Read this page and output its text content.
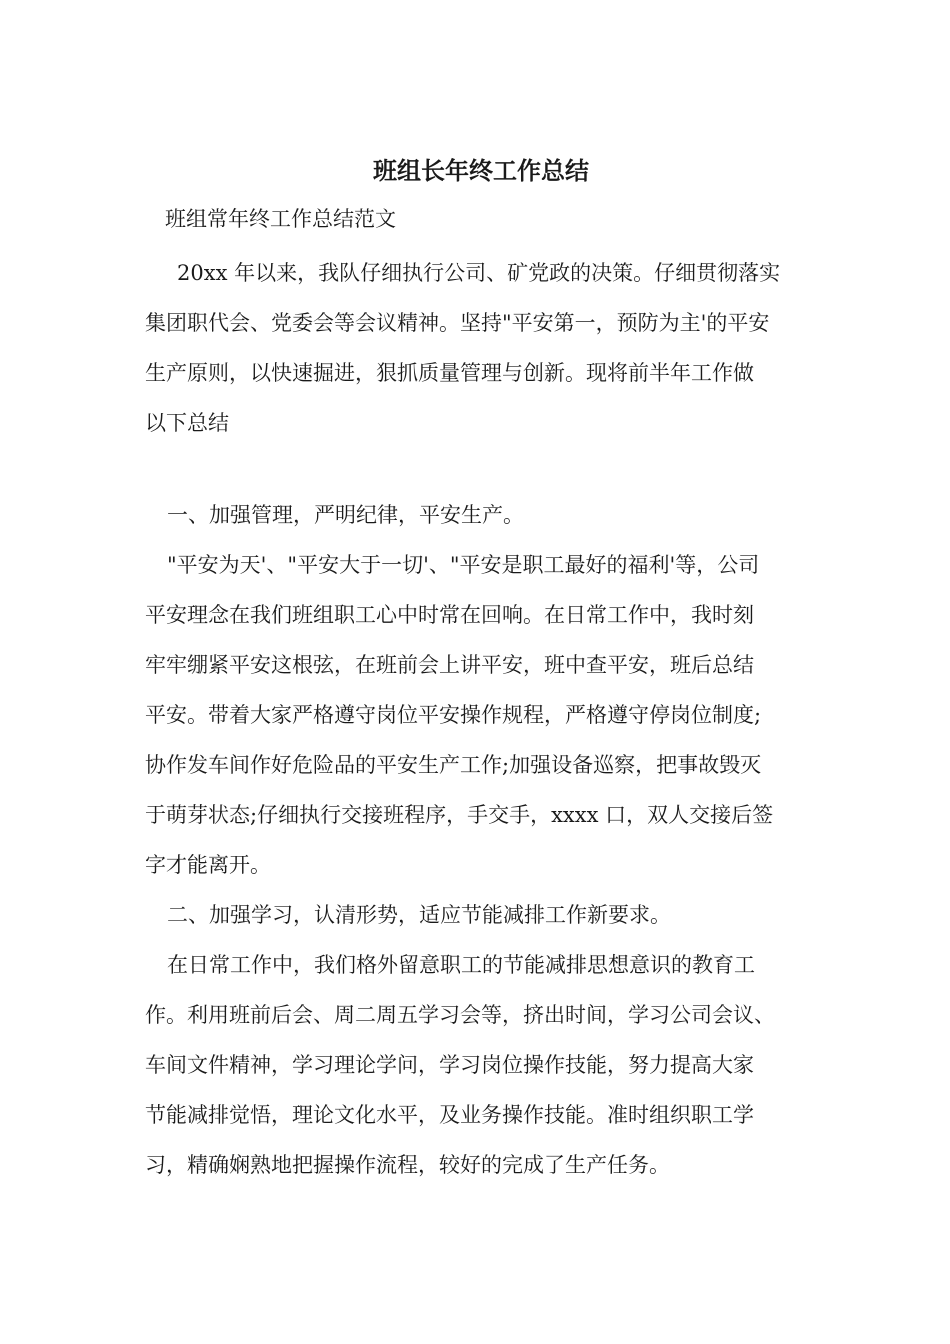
班组长年终工作总结

班组常年终工作总结范文

20xx 年以来，我队仔细执行公司、矿党政的决策。仔细贯彻落实

集团职代会、党委会等会议精神。坚持"平安第一，预防为主'的平安

生产原则，以快速掘进，狠抓质量管理与创新。现将前半年工作做

以下总结

一、加强管理，严明纪律，平安生产。

"平安为天'、"平安大于一切'、"平安是职工最好的福利'等，公司

平安理念在我们班组职工心中时常在回响。在日常工作中，我时刻

牢牢绷紧平安这根弦，在班前会上讲平安，班中查平安，班后总结

平安。带着大家严格遵守岗位平安操作规程，严格遵守停岗位制度;

协作发车间作好危险品的平安生产工作;加强设备巡察，把事故毁灭

于萌芽状态;仔细执行交接班程序，手交手，xxxx 口，双人交接后签

字才能离开。

二、加强学习，认清形势，适应节能减排工作新要求。

在日常工作中，我们格外留意职工的节能减排思想意识的教育工

作。利用班前后会、周二周五学习会等，挤出时间，学习公司会议、

车间文件精神，学习理论学问，学习岗位操作技能，努力提高大家

节能减排觉悟，理论文化水平，及业务操作技能。准时组织职工学

习，精确娴熟地把握操作流程，较好的完成了生产任务。
